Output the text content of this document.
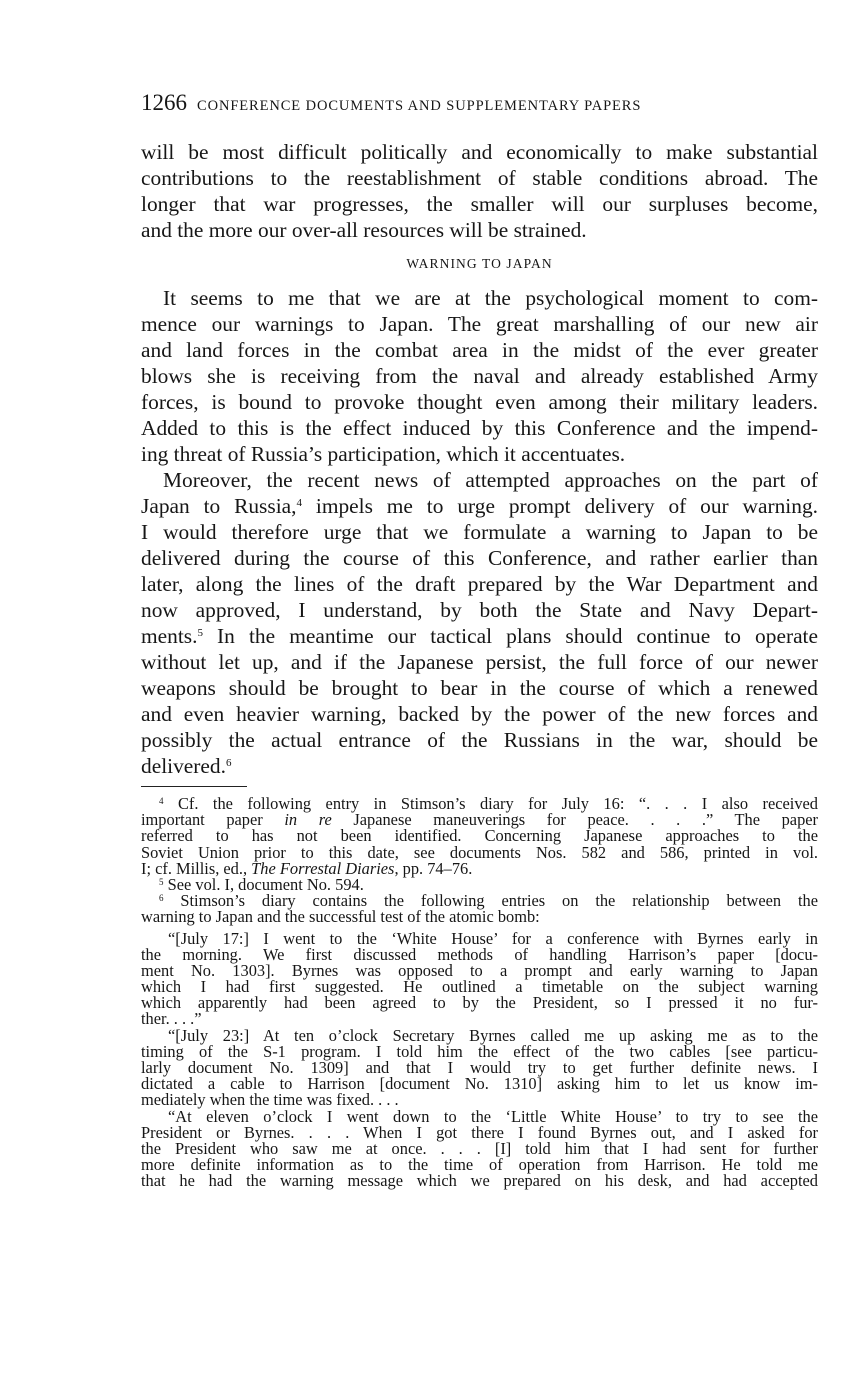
1266 CONFERENCE DOCUMENTS AND SUPPLEMENTARY PAPERS
will be most difficult politically and economically to make substantial
contributions to the reestablishment of stable conditions abroad. The
longer that war progresses, the smaller will our surpluses become,
and the more our over-all resources will be strained.
WARNING TO JAPAN
It seems to me that we are at the psychological moment to com-
mence our warnings to Japan. The great marshalling of our new air
and land forces in the combat area in the midst of the ever greater
blows she is receiving from the naval and already established Army
forces, is bound to provoke thought even among their military leaders.
Added to this is the effect induced by this Conference and the impend-
ing threat of Russia’s participation, which it accentuates.
Moreover, the recent news of attempted approaches on the part of
Japan to Russia,$^4$ impels me to urge prompt delivery of our warning.
I would therefore urge that we formulate a warning to Japan to be
delivered during the course of this Conference, and rather earlier than
later, along the lines of the draft prepared by the War Department and
now approved, I understand, by both the State and Navy Depart-
ments.$^5$ In the meantime our tactical plans should continue to operate
without let up, and if the Japanese persist, the full force of our newer
weapons should be brought to bear in the course of which a renewed
and even heavier warning, backed by the power of the new forces and
possibly the actual entrance of the Russians in the war, should be
delivered.$^6$
$^4$ Cf. the following entry in Stimson’s diary for July 16: “. . . I also received
important paper in re Japanese maneuverings for peace. . . .” The paper
referred to has not been identified. Concerning Japanese approaches to the
Soviet Union prior to this date, see documents Nos. 582 and 586, printed in vol.
I; cf. Millis, ed., The Forrestal Diaries, pp. 74–76.
$^5$ See vol. I, document No. 594.
$^6$ Stimson’s diary contains the following entries on the relationship between the
warning to Japan and the successful test of the atomic bomb:
“[July 17:] I went to the ‘White House’ for a conference with Byrnes early in
the morning. We first discussed methods of handling Harrison’s paper [docu-
ment No. 1303]. Byrnes was opposed to a prompt and early warning to Japan
which I had first suggested. He outlined a timetable on the subject warning
which apparently had been agreed to by the President, so I pressed it no fur-
ther. . . .”
“[July 23:] At ten o’clock Secretary Byrnes called me up asking me as to the
timing of the S-1 program. I told him the effect of the two cables [see particu-
larly document No. 1309] and that I would try to get further definite news. I
dictated a cable to Harrison [document No. 1310] asking him to let us know im-
mediately when the time was fixed. . . .
“At eleven o’clock I went down to the ‘Little White House’ to try to see the
President or Byrnes. . . . When I got there I found Byrnes out, and I asked for
the President who saw me at once. . . . [I] told him that I had sent for further
more definite information as to the time of operation from Harrison. He told me
that he had the warning message which we prepared on his desk, and had accepted
